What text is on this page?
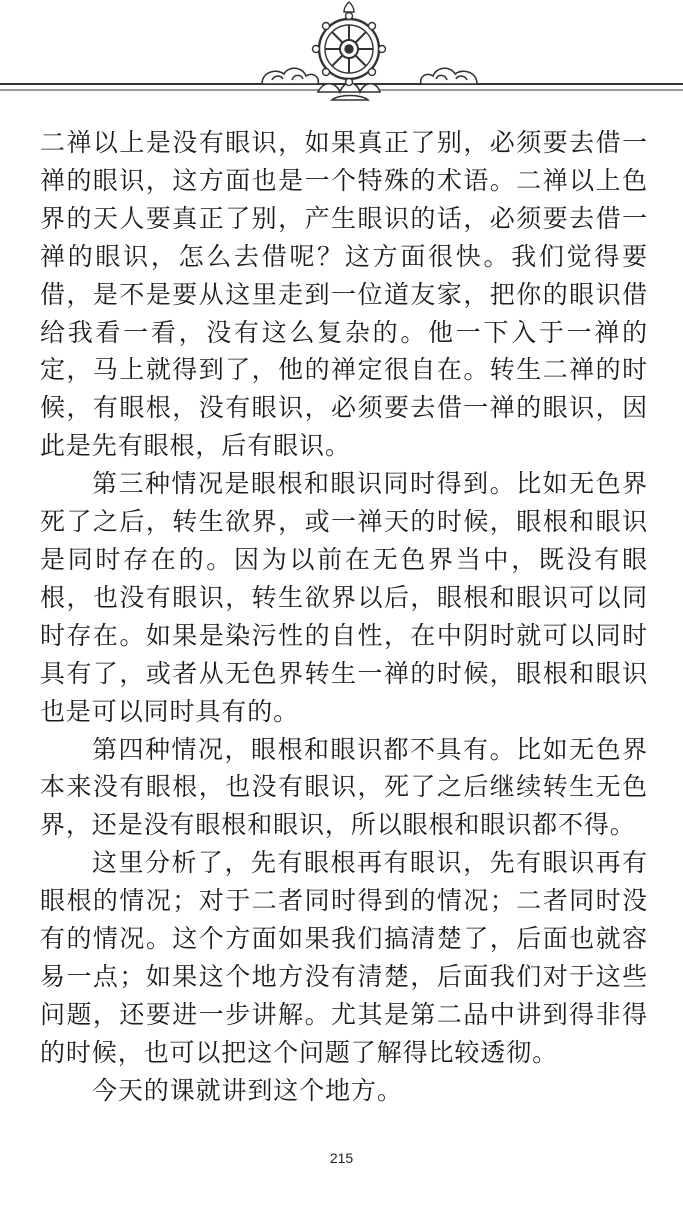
二禅以上是没有眼识，如果真正了别，必须要去借一禅的眼识，这方面也是一个特殊的术语。二禅以上色界的天人要真正了别，产生眼识的话，必须要去借一禅的眼识，怎么去借呢？这方面很快。我们觉得要借，是不是要从这里走到一位道友家，把你的眼识借给我看一看，没有这么复杂的。他一下入于一禅的定，马上就得到了，他的禅定很自在。转生二禅的时候，有眼根，没有眼识，必须要去借一禅的眼识，因此是先有眼根，后有眼识。

第三种情况是眼根和眼识同时得到。比如无色界死了之后，转生欲界，或一禅天的时候，眼根和眼识是同时存在的。因为以前在无色界当中，既没有眼根，也没有眼识，转生欲界以后，眼根和眼识可以同时存在。如果是染污性的自性，在中阴时就可以同时具有了，或者从无色界转生一禅的时候，眼根和眼识也是可以同时具有的。

第四种情况，眼根和眼识都不具有。比如无色界本来没有眼根，也没有眼识，死了之后继续转生无色界，还是没有眼根和眼识，所以眼根和眼识都不得。

这里分析了，先有眼根再有眼识，先有眼识再有眼根的情况；对于二者同时得到的情况；二者同时没有的情况。这个方面如果我们搞清楚了，后面也就容易一点；如果这个地方没有清楚，后面我们对于这些问题，还要进一步讲解。尤其是第二品中讲到得非得的时候，也可以把这个问题了解得比较透彻。

今天的课就讲到这个地方。

215
